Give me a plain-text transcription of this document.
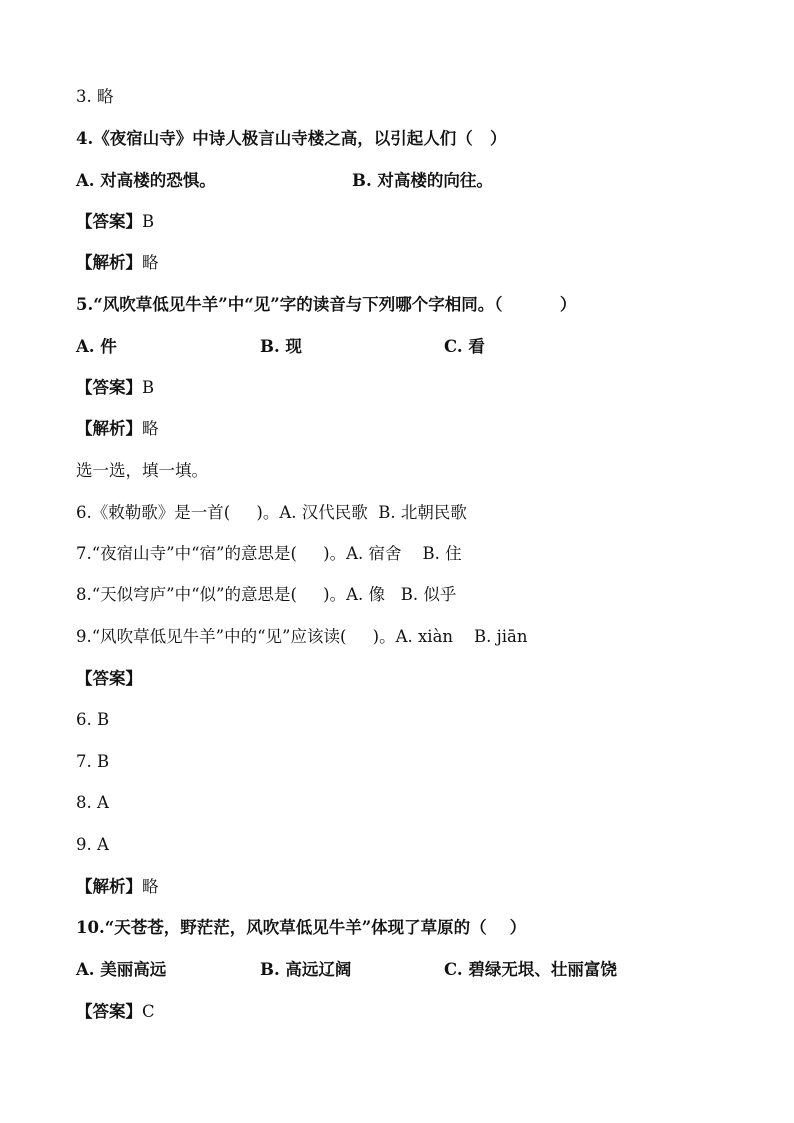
3. 略

4.《夜宿山寺》中诗人极言山寺楼之高，以引起人们（   ）

A. 对高楼的恐惧。	B. 对高楼的向往。

【答案】B

【解析】略

5.“风吹草低见牛羊”中“见”字的读音与下列哪个字相同。（          ）

A. 件	B. 现	C. 看

【答案】B

【解析】略

选一选，填一填。

6.《敕勒歌》是一首(     )。A. 汉代民歌  B. 北朝民歌

7.“夜宿山寺”中“宿”的意思是(     )。A. 宿舍    B. 住

8.“天似穹庐”中“似”的意思是(     )。A. 像   B. 似乎

9.“风吹草低见牛羊”中的“见”应该读(     )。A. xiàn    B. jiān

【答案】

6. B

7. B

8. A

9. A

【解析】略

10.“天苍苍，野茫茫，风吹草低见牛羊”体现了草原的（    ）

A. 美丽高远	B. 高远辽阔	C. 碧绿无垠、壮丽富饶

【答案】C
